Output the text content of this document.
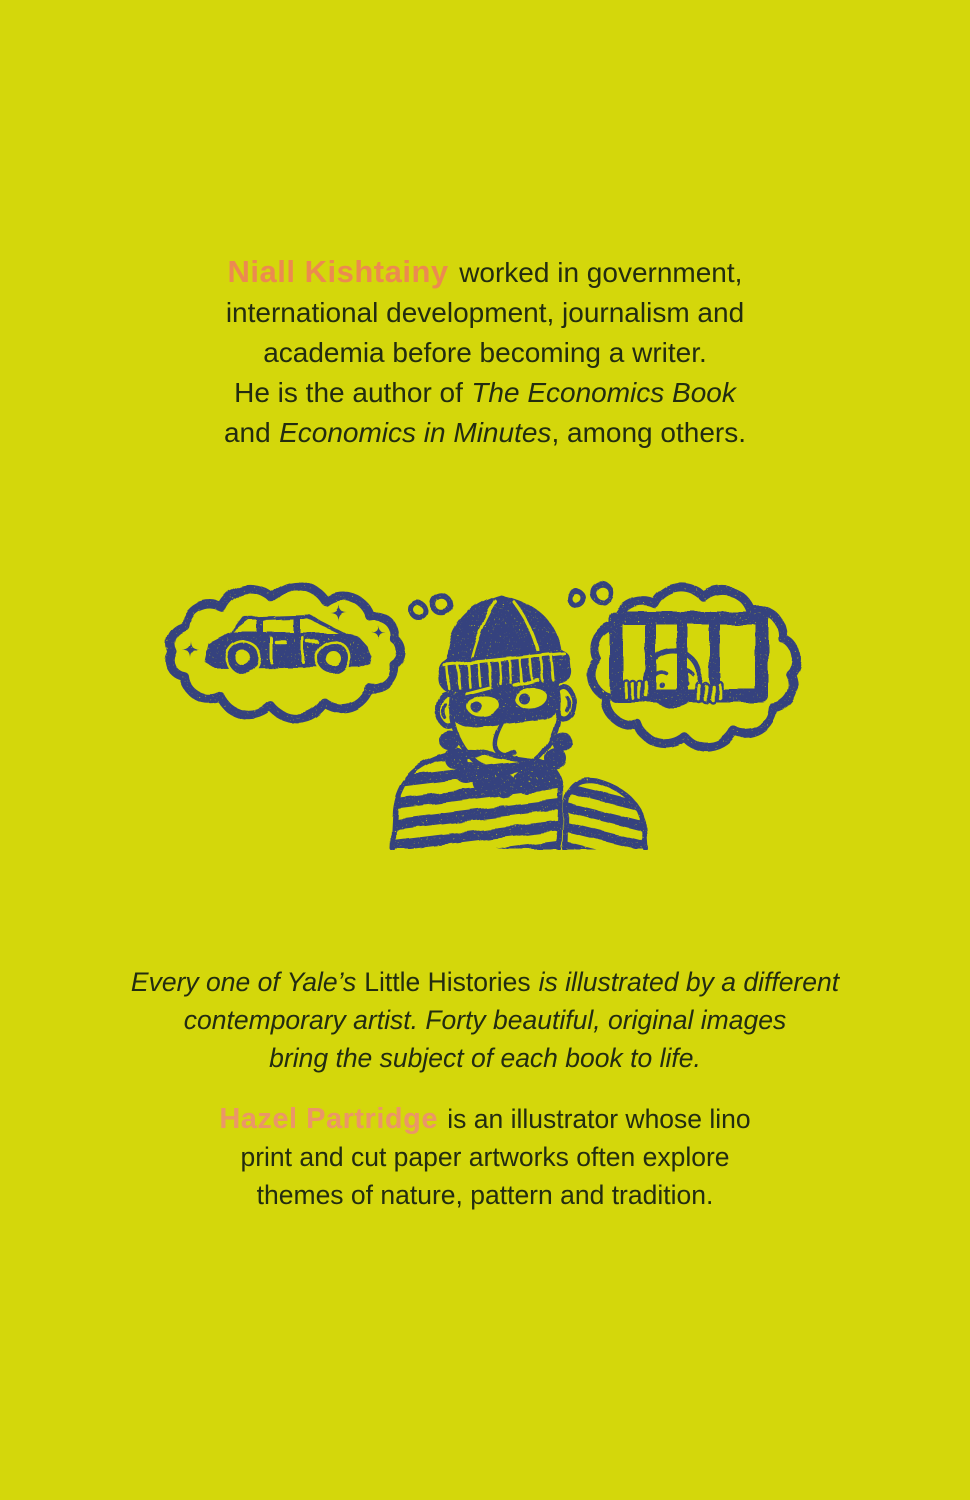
Niall Kishtainy worked in government,

international development, journalism and

academia before becoming a writer.

He is the author of The Economics Book

and Economics in Minutes, among others.

Every one of Yale’s Little Histories is illustrated by a different

contemporary artist. Forty beautiful, original images

bring the subject of each book to life.

Hazel Partridge is an illustrator whose lino

print and cut paper artworks often explore

themes of nature, pattern and tradition.
